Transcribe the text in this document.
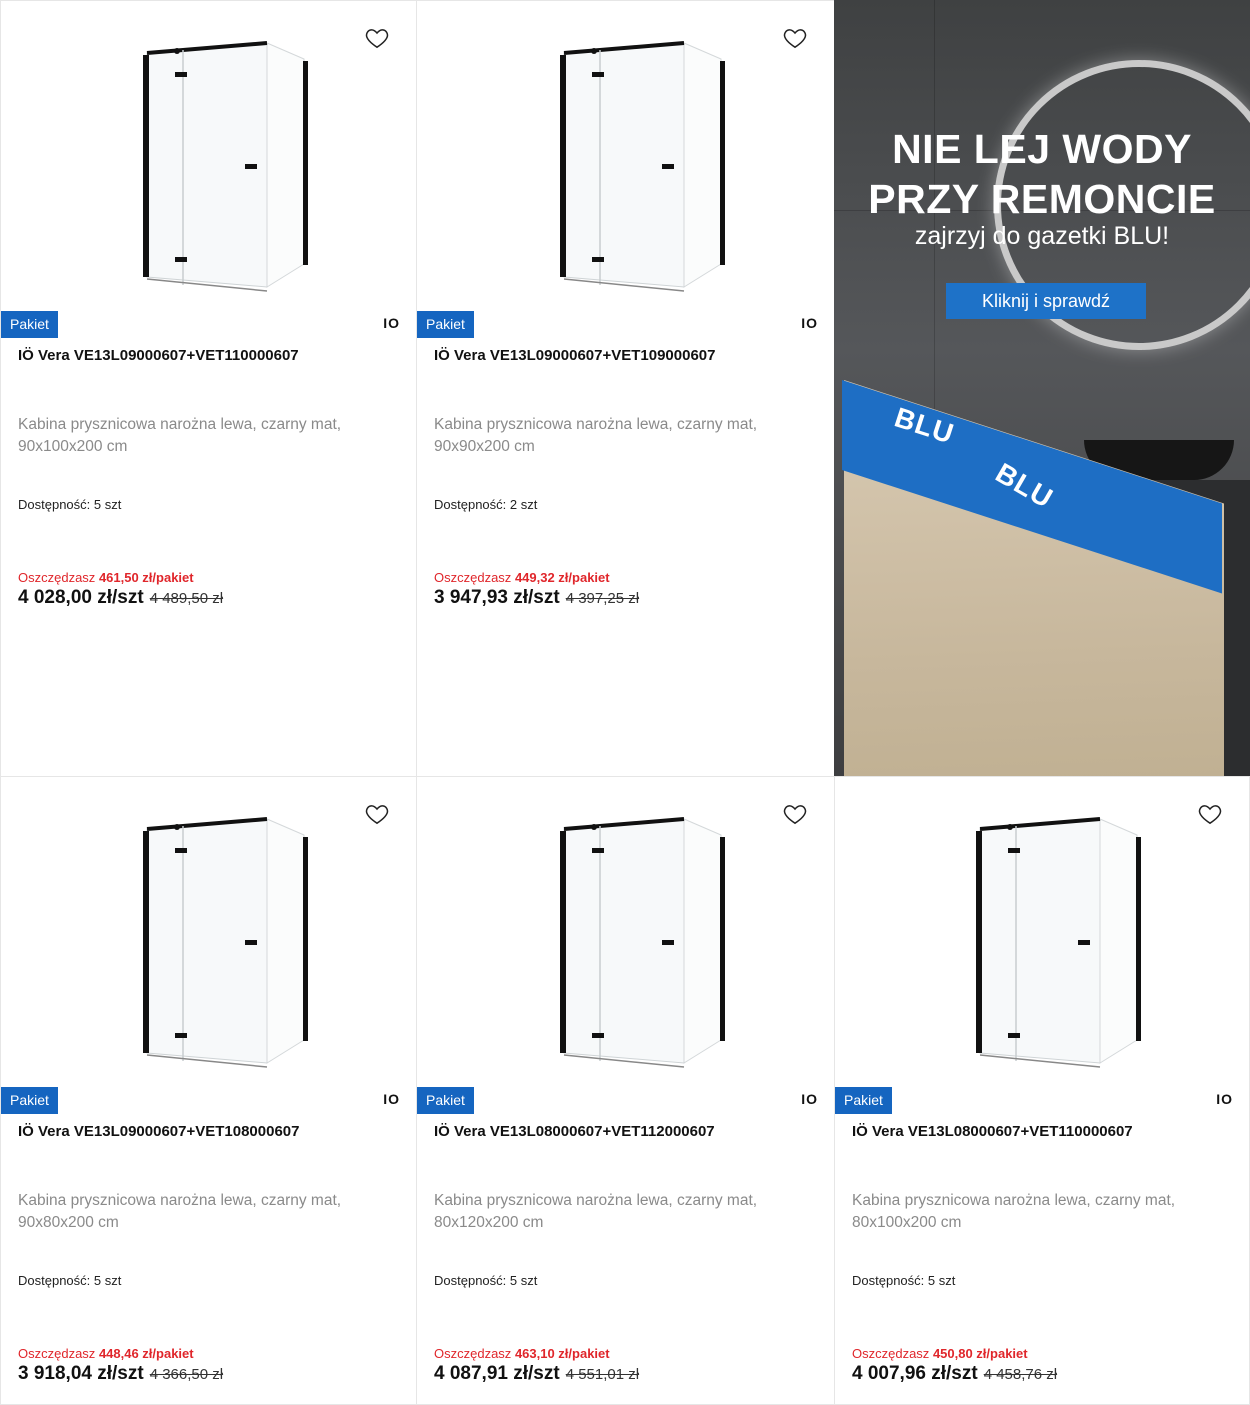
Pakiet	IO
IÖ Vera VE13L09000607+VET110000607
Kabina prysznicowa narożna lewa, czarny mat, 90x100x200 cm
Dostępność: 5 szt
Oszczędzasz 461,50 zł/pakiet
4 028,00 zł/szt 4 489,50 zł
Pakiet	IO
IÖ Vera VE13L09000607+VET109000607
Kabina prysznicowa narożna lewa, czarny mat, 90x90x200 cm
Dostępność: 2 szt
Oszczędzasz 449,32 zł/pakiet
3 947,93 zł/szt 4 397,25 zł
BLU
BLU
NIE LEJ WODY
PRZY REMONCIE
zajrzyj do gazetki BLU!
Kliknij i sprawdź
Pakiet	IO
IÖ Vera VE13L09000607+VET108000607
Kabina prysznicowa narożna lewa, czarny mat, 90x80x200 cm
Dostępność: 5 szt
Oszczędzasz 448,46 zł/pakiet
3 918,04 zł/szt 4 366,50 zł
Pakiet	IO
IÖ Vera VE13L08000607+VET112000607
Kabina prysznicowa narożna lewa, czarny mat, 80x120x200 cm
Dostępność: 5 szt
Oszczędzasz 463,10 zł/pakiet
4 087,91 zł/szt 4 551,01 zł
Pakiet	IO
IÖ Vera VE13L08000607+VET110000607
Kabina prysznicowa narożna lewa, czarny mat, 80x100x200 cm
Dostępność: 5 szt
Oszczędzasz 450,80 zł/pakiet
4 007,96 zł/szt 4 458,76 zł
